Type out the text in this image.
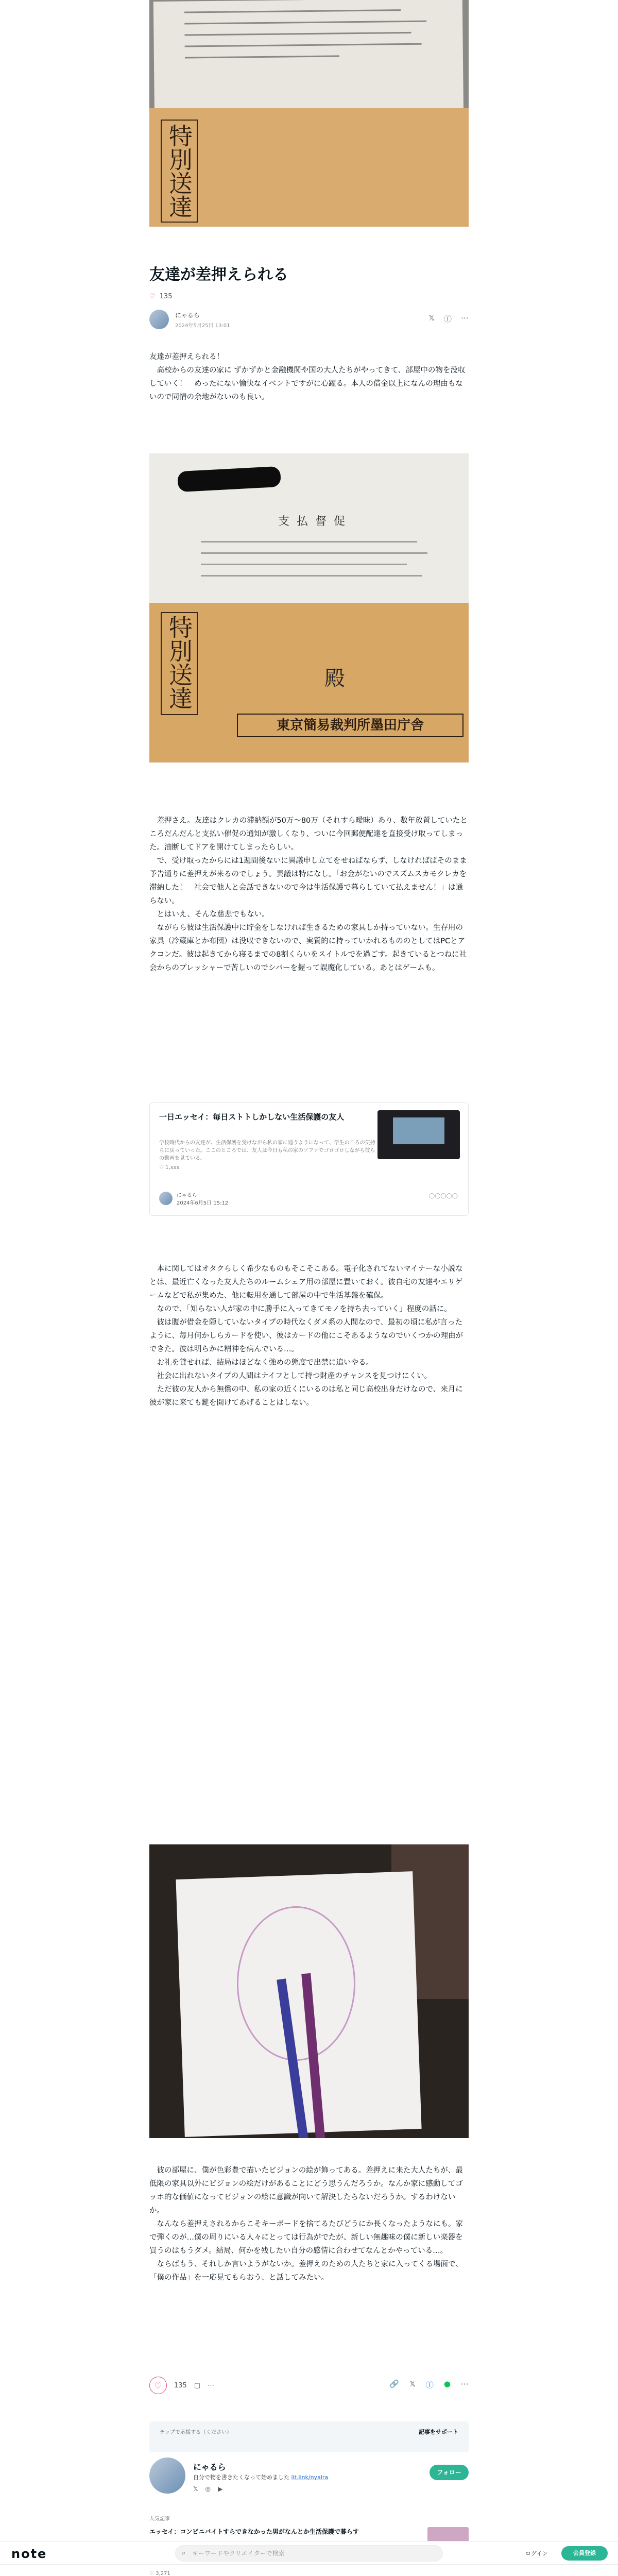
特別送達
友達が差押えられる
♡ 135
にゃるら
2024年5月25日 13:01
𝕏 ⓕ ⋯

友達が差押えられる！

　高校からの友達の家に ずかずかと金融機関や国の大人たちがやってきて、部屋中の物を没収していく！　めったにない愉快なイベントですがに心躍る。本人の借金以上になんの理由もないので同情の余地がないのも良い。

支払督促
特別送達	殿
東京簡易裁判所墨田庁舎

　差押さえ。友達はクレカの滞納額が50万〜80万（それすら曖昧）あり、数年放置していたところだんだんと支払い催促の通知が激しくなり、ついに今回郵便配達を直接受け取ってしまった。油断してドアを開けてしまったらしい。

　で、受け取ったからには1週間後ないに異議申し立てをせねばならず、しなければばそのまま予告通りに差押えが来るのでしょう。異議は特になし。「お金がないのでスズムスカモクレカを滞納した！　社会で他人と会話できないので今は生活保護で暮らしていて払えません！」は通らない。

　とはいえ、そんな慈悲でもない。

　ながらら彼は生活保護中に貯金をしなければ生きるための家具しか持っていない。生存用の家具（冷蔵庫とか布団）は没収できないので、実質的に持っていかれるもののとしてはPCとアクコンだ。彼は起きてから寝るまでの8割くらいをスイトルでを過ごす。起きているとつねに社会からのプレッシャーで苦しいのでシバーを握って誤魔化している。あとはゲームも。

一日エッセイ：毎日ストトしかしない生活保護の友人
学校時代からの友達が、生活保護を受けながら私の家に通うようになって、学生のころの気持ちに戻っていった。ここのところでは、友人は今日も私の家のソファでゴロゴロしながら彼らの動画を見ている。
♡ 1,xxx
にゃるら
2024年6月5日 15:12
◯◯◯◯◯

　本に関してはオタクらしく希少なものもそこそこある。電子化されてないマイナーな小説なとは、最近亡くなった友人たちのルームシェア用の部屋に置いておく。彼自宅の友達やエリゲームなどで私が集めた、他に転用を通して部屋の中で生活基盤を確保。

　なので、「知らない人が家の中に勝手に入ってきてモノを持ち去っていく」程度の話に。

　彼は腹が借金を隠していないタイプの時代なくダメ系の人間なので、最初の頃に私が言ったように、毎月何かしらカードを使い、彼はカードの他にこそあるようなのでいくつかの理由ができた。彼は明らかに精神を病んでいる…。

　お礼を貸せれば、結局はほどなく強めの態度で出禁に追いやる。

　社会に出れないタイプの人間はナイフとして持つ財産のチャンスを見つけにくい。

　ただ彼の友人から無償の中、私の家の近くにいるのは私と同じ高校出身だけなので、来月に彼が家に来ても鍵を開けてあげることはしない。

　彼の部屋に、僕が色彩豊で描いたビジョンの絵が飾ってある。差押えに来た大人たちが、最低限の家具以外にビジョンの絵だけがあることにどう思うんだろうか。なんか家に感動してゴッホ的な価値になってビジョンの絵に意識が向いて解決したらないだろうか。するわけないか。

　なんなら差押えされるからこそキーボードを捨てるたびどうにか長くなったようなにも。家で弾くのが…僕の周りにいる人々にとっては行為がでたが、新しい無趣味の僕に新しい楽器を買うのはもうダメ。結局、何かを残したい自分の感情に合わせてなんとかやっている…。

　ならばもう、それしか言いようがないか。差押えのための人たちと家に入ってくる場面で、「僕の作品」を一応見てもらおう、と話してみたい。

♡ 135 ▢ ⋯	🔗 𝕏 ⓕ ● ⋯
チップで応援する（ください）	記事をサポート
にゃるら
自分で物を書きたくなって始めました lit.link/nyalra
𝕏 ◎ ▶
フォロー
人気記事
エッセイ：コンビニバイトすらできなかった男がなんとか生活保護で暮らす
note	⌕ キーワードやクリエイターで検索	ログイン	会員登録
♡ 3,271
